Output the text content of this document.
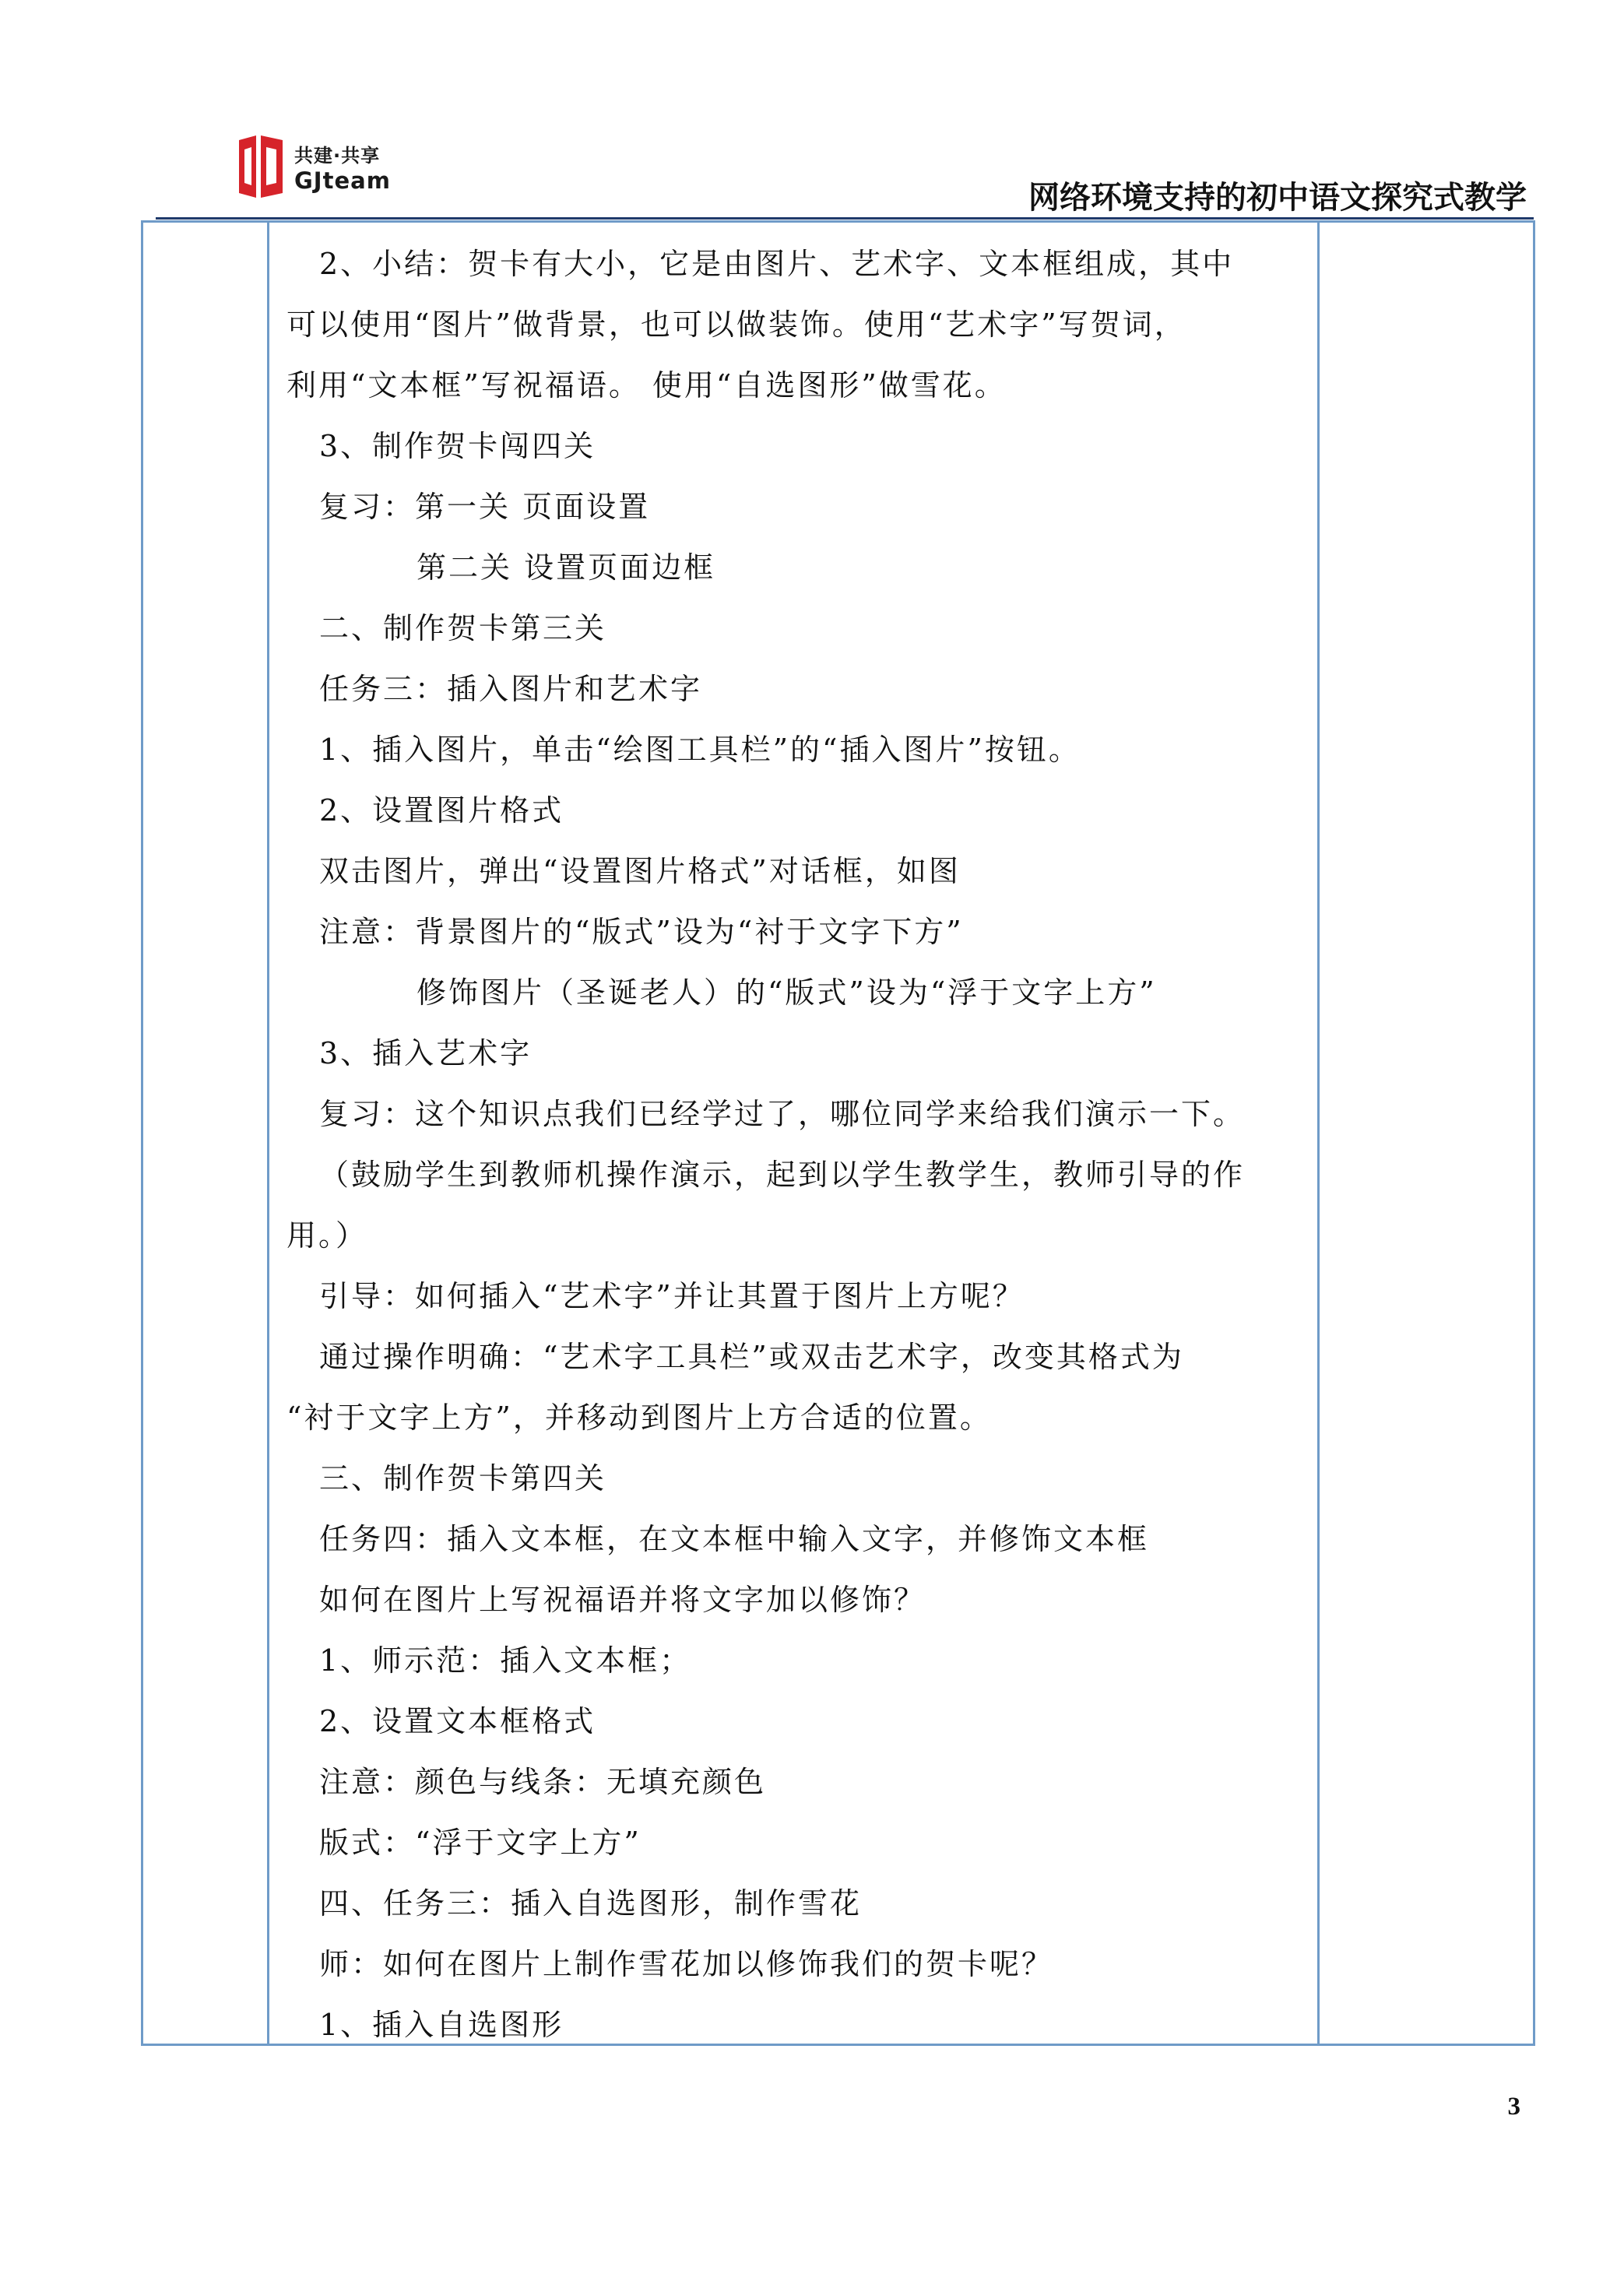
共建·共享
GJteam	网络环境支持的初中语文探究式教学

2、小结：贺卡有大小，它是由图片、艺术字、文本框组成，其中

可以使用“图片”做背景，也可以做装饰。使用“艺术字”写贺词，

利用“文本框”写祝福语。 使用“自选图形”做雪花。

3、制作贺卡闯四关

复习：第一关 页面设置

第二关 设置页面边框

二、制作贺卡第三关

任务三：插入图片和艺术字

1、插入图片，单击“绘图工具栏”的“插入图片”按钮。

2、设置图片格式

双击图片，弹出“设置图片格式”对话框，如图

注意：背景图片的“版式”设为“衬于文字下方”

修饰图片（圣诞老人）的“版式”设为“浮于文字上方”

3、插入艺术字

复习：这个知识点我们已经学过了，哪位同学来给我们演示一下。

（鼓励学生到教师机操作演示，起到以学生教学生，教师引导的作

用。）

引导：如何插入“艺术字”并让其置于图片上方呢？

通过操作明确：“艺术字工具栏”或双击艺术字，改变其格式为

“衬于文字上方”，并移动到图片上方合适的位置。

三、制作贺卡第四关

任务四：插入文本框，在文本框中输入文字，并修饰文本框

如何在图片上写祝福语并将文字加以修饰？

1、师示范：插入文本框；

2、设置文本框格式

注意：颜色与线条：无填充颜色

版式：“浮于文字上方”

四、任务三：插入自选图形，制作雪花

师：如何在图片上制作雪花加以修饰我们的贺卡呢？

1、插入自选图形

3
